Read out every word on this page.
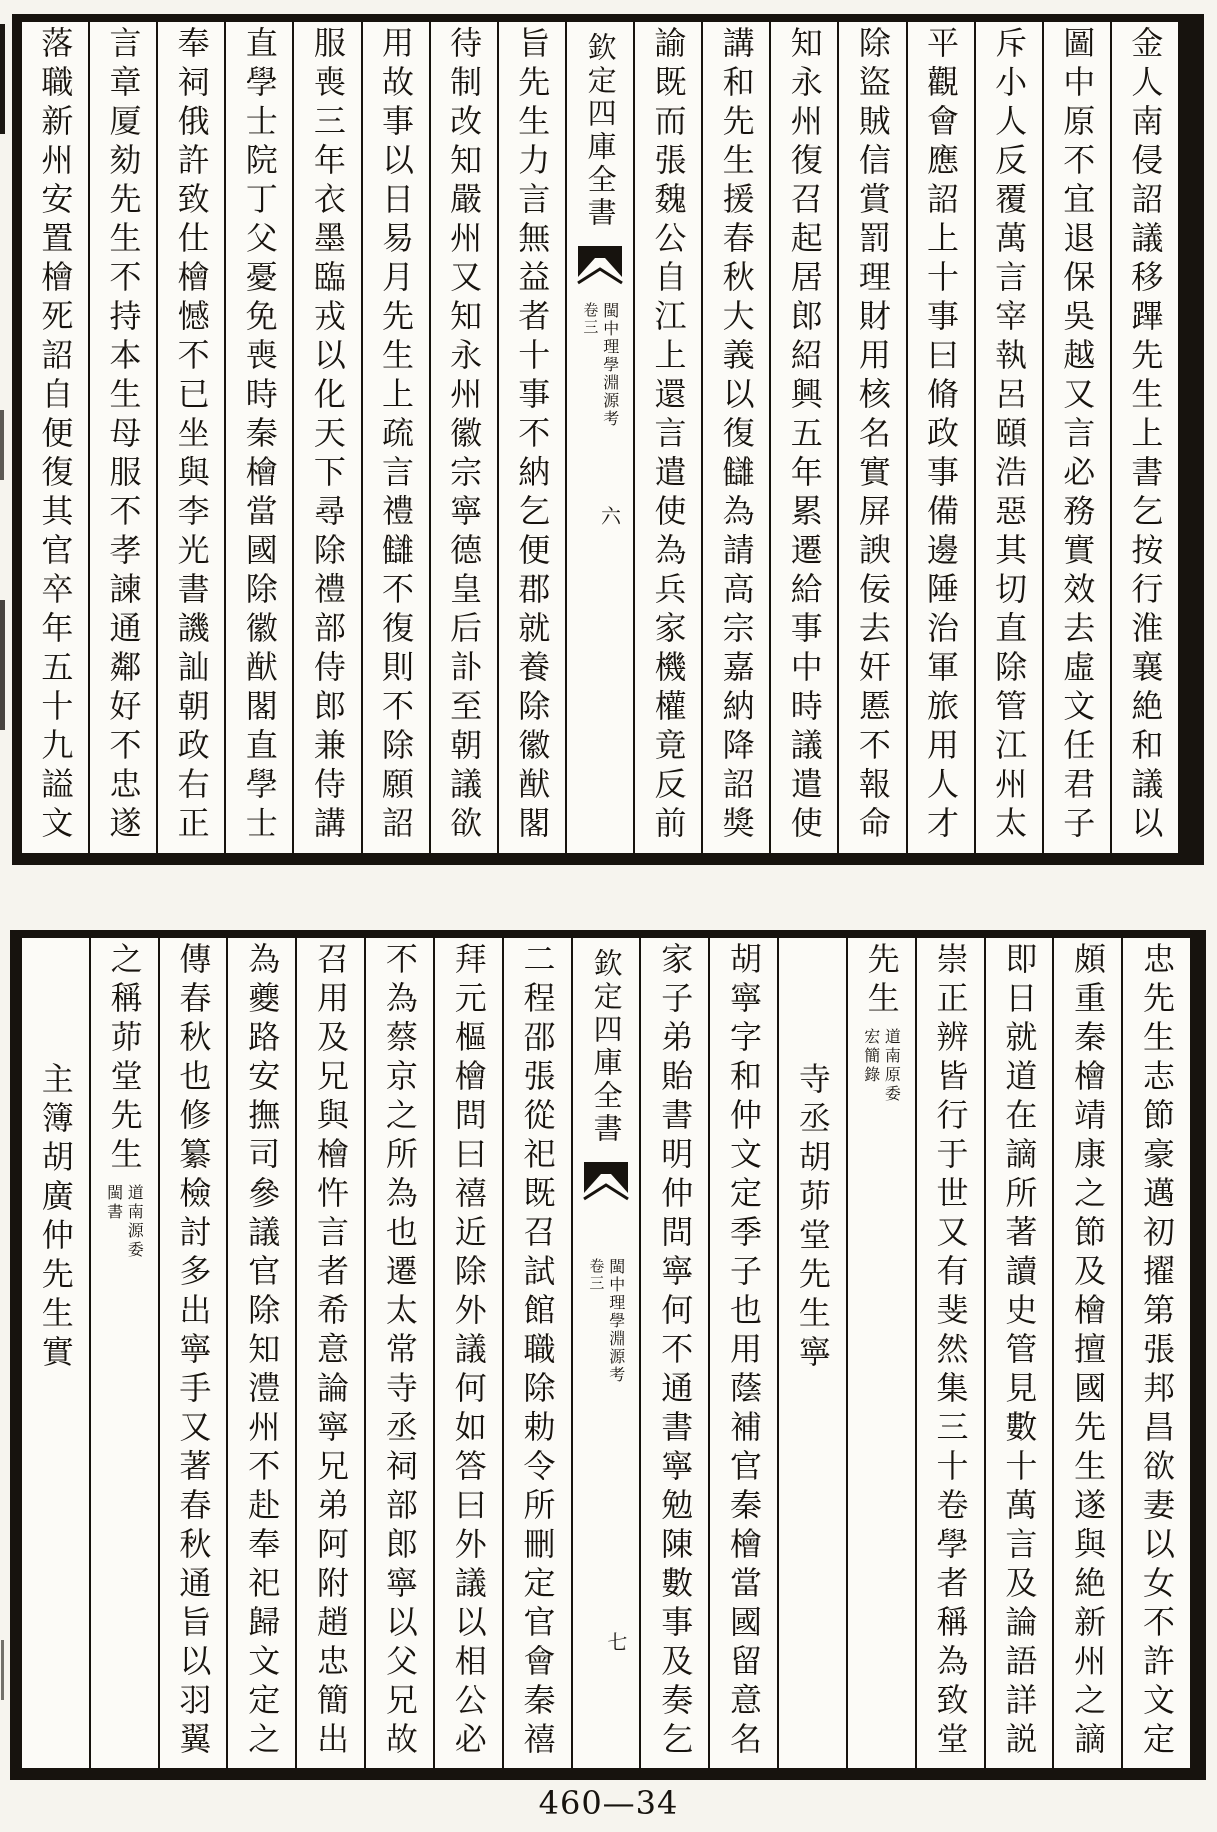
金人南侵詔議移蹕先生上書乞按行淮襄絶和議以
圖中原不宜退保吳越又言必務實效去虛文任君子
斥小人反覆萬言宰執呂頤浩惡其切直除管江州太
平觀會應詔上十事曰脩政事備邊陲治軍旅用人才
除盜賊信賞罰理財用核名實屏諛佞去奸慝不報命
知永州復召起居郎紹興五年累遷給事中時議遣使
講和先生援春秋大義以復讎為請高宗嘉納降詔獎
諭既而張魏公自江上還言遣使為兵家機權竟反前
欽定四庫全書
閩中理學淵源考
卷三
六
旨先生力言無益者十事不納乞便郡就養除徽猷閣
待制改知嚴州又知永州徽宗寧德皇后訃至朝議欲
用故事以日易月先生上疏言禮讎不復則不除願詔
服喪三年衣墨臨戎以化天下尋除禮部侍郎兼侍講
直學士院丁父憂免喪時秦檜當國除徽猷閣直學士
奉祠俄許致仕檜憾不已坐與李光書譏訕朝政右正
言章厦劾先生不持本生母服不孝諫通鄰好不忠遂
落職新州安置檜死詔自便復其官卒年五十九謚文
忠先生志節豪邁初擢第張邦昌欲妻以女不許文定
頗重秦檜靖康之節及檜擅國先生遂與絶新州之謫
即日就道在謫所著讀史管見數十萬言及論語詳説
崇正辨皆行于世又有斐然集三十卷學者稱為致堂
先生
道南原委
宏簡錄
寺丞胡茆堂先生寧
胡寧字和仲文定季子也用蔭補官秦檜當國留意名
家子弟貽書明仲問寧何不通書寧勉陳數事及奏乞
欽定四庫全書
閩中理學淵源考
卷三
七
二程邵張從祀既召試館職除勅令所刪定官會秦禧
拜元樞檜問曰禧近除外議何如答曰外議以相公必
不為蔡京之所為也遷太常寺丞祠部郎寧以父兄故
召用及兄與檜忤言者希意論寧兄弟阿附趙忠簡出
為夔路安撫司參議官除知澧州不赴奉祀歸文定之
傳春秋也修纂檢討多出寧手又著春秋通旨以羽翼
之稱茆堂先生
道南源委
閩書
主簿胡廣仲先生實
460—34
